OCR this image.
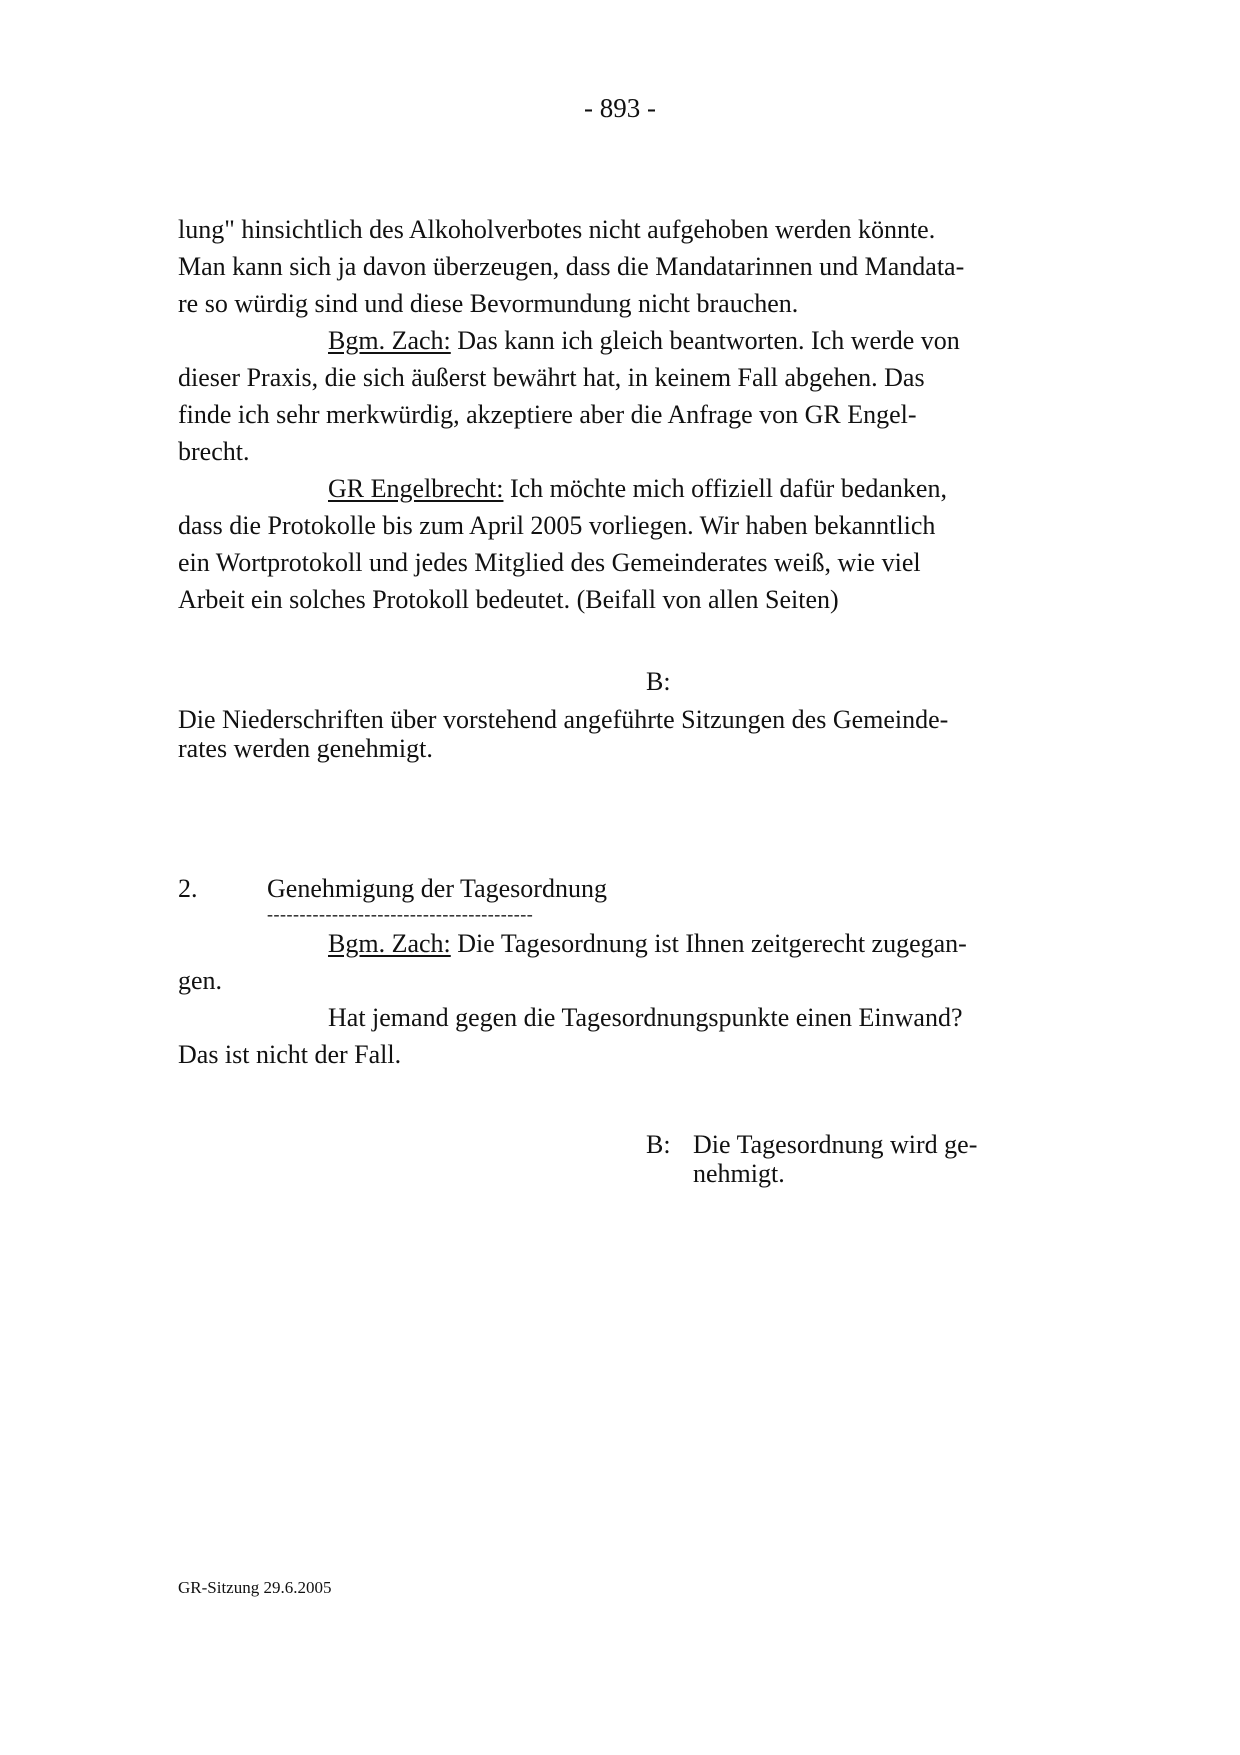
- 893 -
lung" hinsichtlich des Alkoholverbotes nicht aufgehoben werden könnte.
Man kann sich ja davon überzeugen, dass die Mandatarinnen und Mandata-
re so würdig sind und diese Bevormundung nicht brauchen.
Bgm. Zach: Das kann ich gleich beantworten. Ich werde von
dieser Praxis, die sich äußerst bewährt hat, in keinem Fall abgehen. Das
finde ich sehr merkwürdig, akzeptiere aber die Anfrage von GR Engel-
brecht.
GR Engelbrecht: Ich möchte mich offiziell dafür bedanken,
dass die Protokolle bis zum April 2005 vorliegen. Wir haben bekanntlich
ein Wortprotokoll und jedes Mitglied des Gemeinderates weiß, wie viel
Arbeit ein solches Protokoll bedeutet. (Beifall von allen Seiten)
B:
Die Niederschriften über vorstehend angeführte Sitzungen des Gemeinde-
rates werden genehmigt.
2.	Genehmigung der Tagesordnung
-----------------------------------------
Bgm. Zach: Die Tagesordnung ist Ihnen zeitgerecht zugegan-
gen.
Hat jemand gegen die Tagesordnungspunkte einen Einwand?
Das ist nicht der Fall.
B: Die Tagesordnung wird ge-
nehmigt.
GR-Sitzung 29.6.2005
